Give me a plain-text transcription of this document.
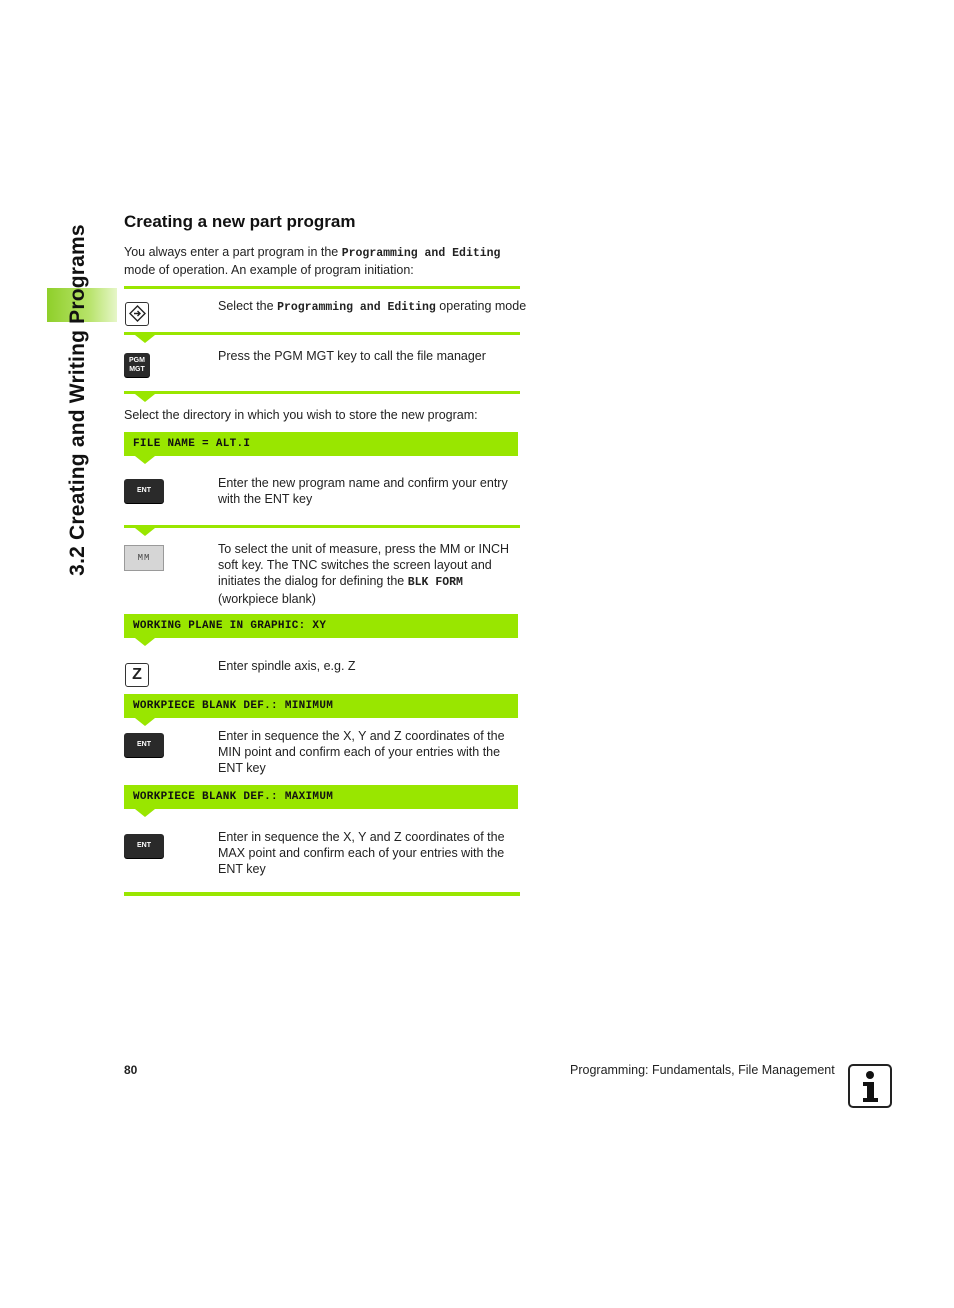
3.2 Creating and Writing Programs
Creating a new part program
You always enter a part program in the Programming and Editing
mode of operation. An example of program initiation:
Select the Programming and Editing operating mode
PGM
MGT
Press the PGM MGT key to call the file manager
Select the directory in which you wish to store the new program:
FILE NAME = ALT.I
ENT
Enter the new program name and confirm your entry
with the ENT key
MM
To select the unit of measure, press the MM or INCH
soft key. The TNC switches the screen layout and
initiates the dialog for defining the BLK FORM
(workpiece blank)
WORKING PLANE IN GRAPHIC: XY
Z	Enter spindle axis, e.g. Z
WORKPIECE BLANK DEF.: MINIMUM
ENT
Enter in sequence the X, Y and Z coordinates of the
MIN point and confirm each of your entries with the
ENT key
WORKPIECE BLANK DEF.: MAXIMUM
ENT
Enter in sequence the X, Y and Z coordinates of the
MAX point and confirm each of your entries with the
ENT key
80	Programming: Fundamentals, File Management
